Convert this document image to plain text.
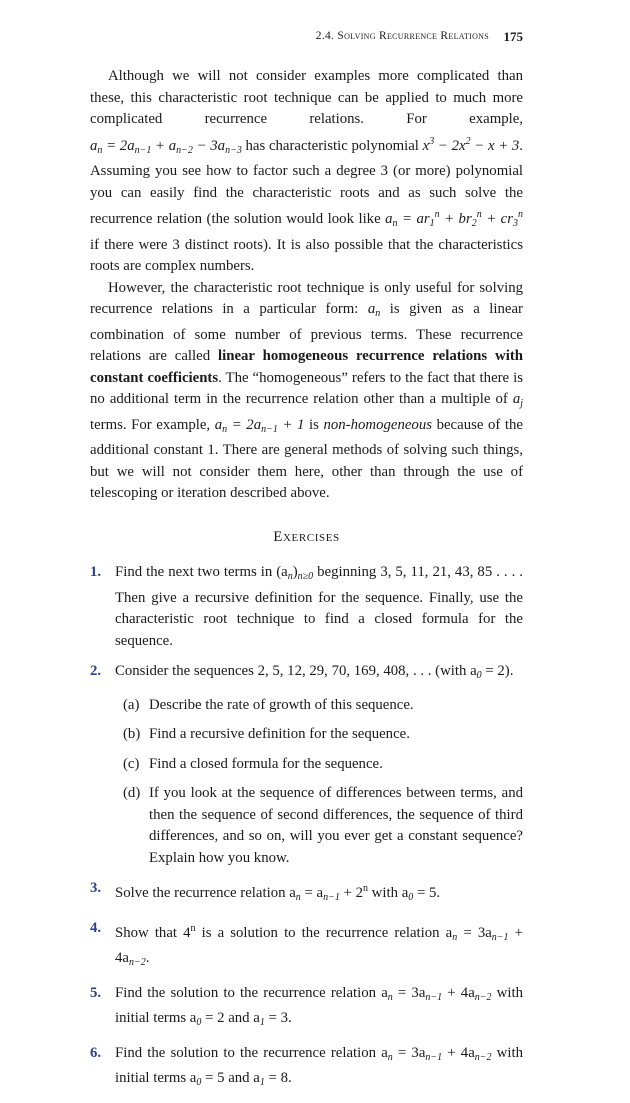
2.4. Solving Recurrence Relations 175

Although we will not consider examples more complicated than these, this characteristic root technique can be applied to much more complicated recurrence relations. For example, $a_n = 2a_{n-1} + a_{n-2} - 3a_{n-3}$ has characteristic polynomial $x^3 - 2x^2 - x + 3$. Assuming you see how to factor such a degree 3 (or more) polynomial you can easily find the characteristic roots and as such solve the recurrence relation (the solution would look like $a_n = ar_1^n + br_2^n + cr_3^n$ if there were 3 distinct roots). It is also possible that the characteristics roots are complex numbers.

However, the characteristic root technique is only useful for solving recurrence relations in a particular form: $a_n$ is given as a linear combination of some number of previous terms. These recurrence relations are called linear homogeneous recurrence relations with constant coefficients. The “homogeneous” refers to the fact that there is no additional term in the recurrence relation other than a multiple of $a_j$ terms. For example, $a_n = 2a_{n-1} + 1$ is non-homogeneous because of the additional constant 1. There are general methods of solving such things, but we will not consider them here, other than through the use of telescoping or iteration described above.

Exercises
1. Find the next two terms in $(a_n)_{n\ge 0}$ beginning 3, 5, 11, 21, 43, 85 . . . . Then give a recursive definition for the sequence. Finally, use the characteristic root technique to find a closed formula for the sequence.
2. Consider the sequences 2, 5, 12, 29, 70, 169, 408, . . . (with $a_0 = 2$).
(a) Describe the rate of growth of this sequence.
(b) Find a recursive definition for the sequence.
(c) Find a closed formula for the sequence.
(d) If you look at the sequence of differences between terms, and then the sequence of second differences, the sequence of third differences, and so on, will you ever get a constant sequence? Explain how you know.
3. Solve the recurrence relation $a_n = a_{n-1} + 2^n$ with $a_0 = 5$.
4. Show that 4$^n$ is a solution to the recurrence relation $a_n = 3a_{n-1} + 4a_{n-2}$.
5. Find the solution to the recurrence relation $a_n = 3a_{n-1} + 4a_{n-2}$ with initial terms $a_0 = 2$ and $a_1 = 3$.
6. Find the solution to the recurrence relation $a_n = 3a_{n-1} + 4a_{n-2}$ with initial terms $a_0 = 5$ and $a_1 = 8$.
